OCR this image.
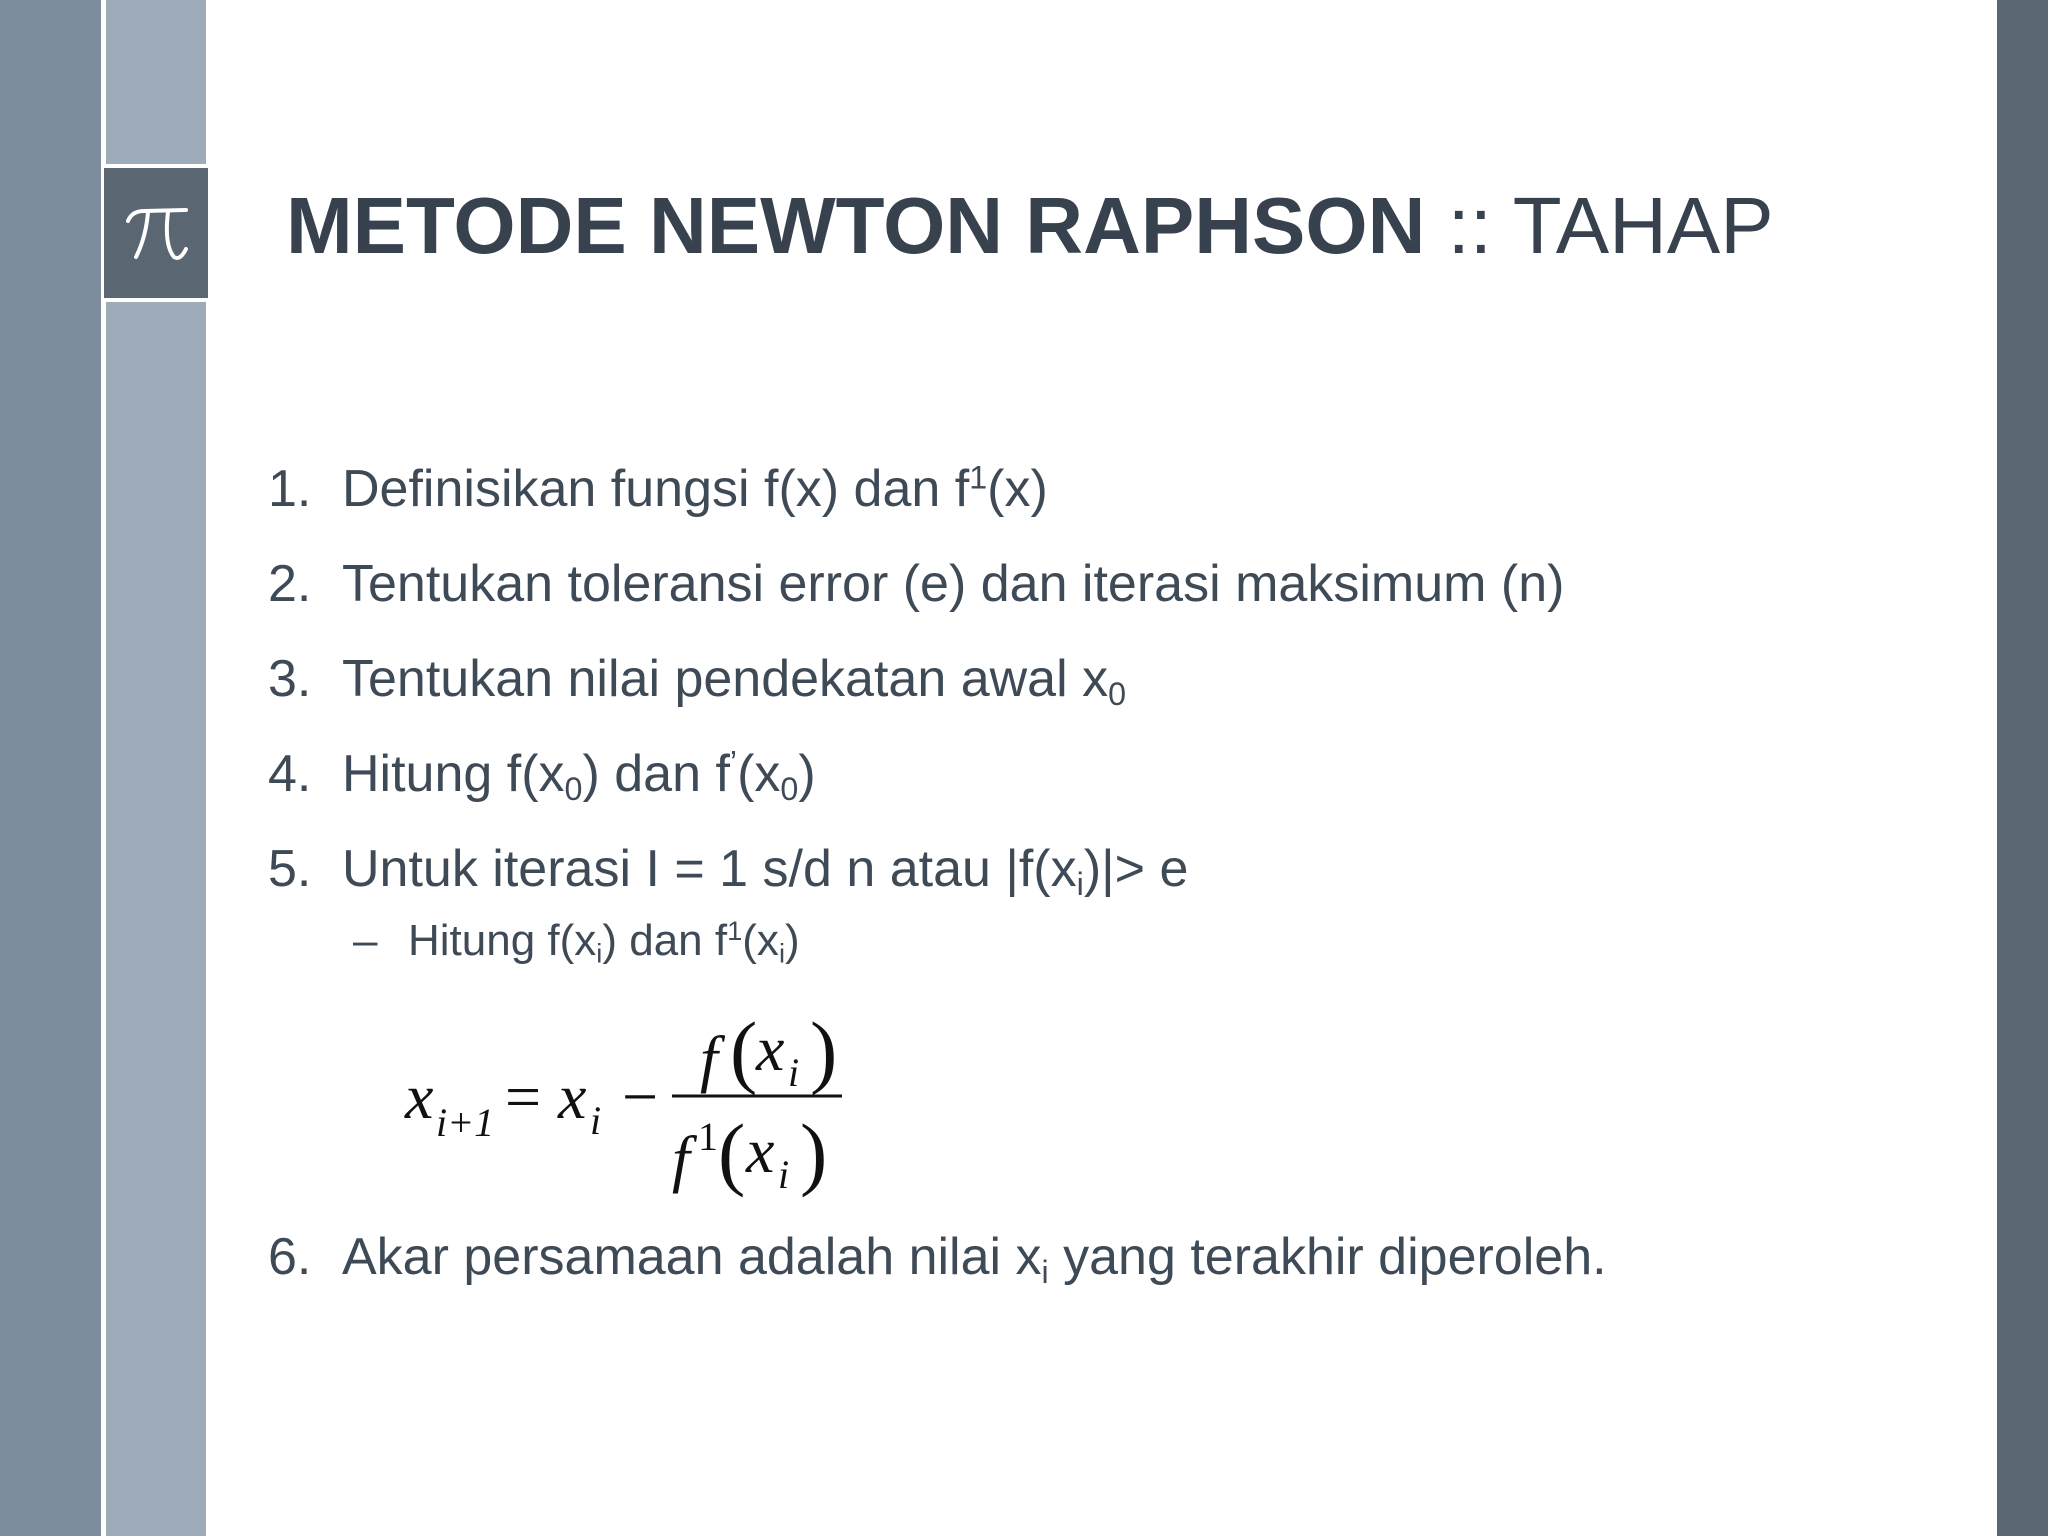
METODE NEWTON RAPHSON :: TAHAP
1. Definisikan fungsi f(x) dan $f^1(x)$
2. Tentukan toleransi error (e) dan iterasi maksimum (n)
3. Tentukan nilai pendekatan awal $x_0$
4. Hitung $f(x_0)$ dan $f^’(x_0)$
5. Untuk iterasi I = 1 s/d n atau $|f(x_i)|> e$
– Hitung $f(x_i)$ dan $f^1(x_i)$
6. Akar persamaan adalah nilai $x_i$ yang terakhir diperoleh.
x i+1 = x i −
f (
x i )
f 1 ( x i )
